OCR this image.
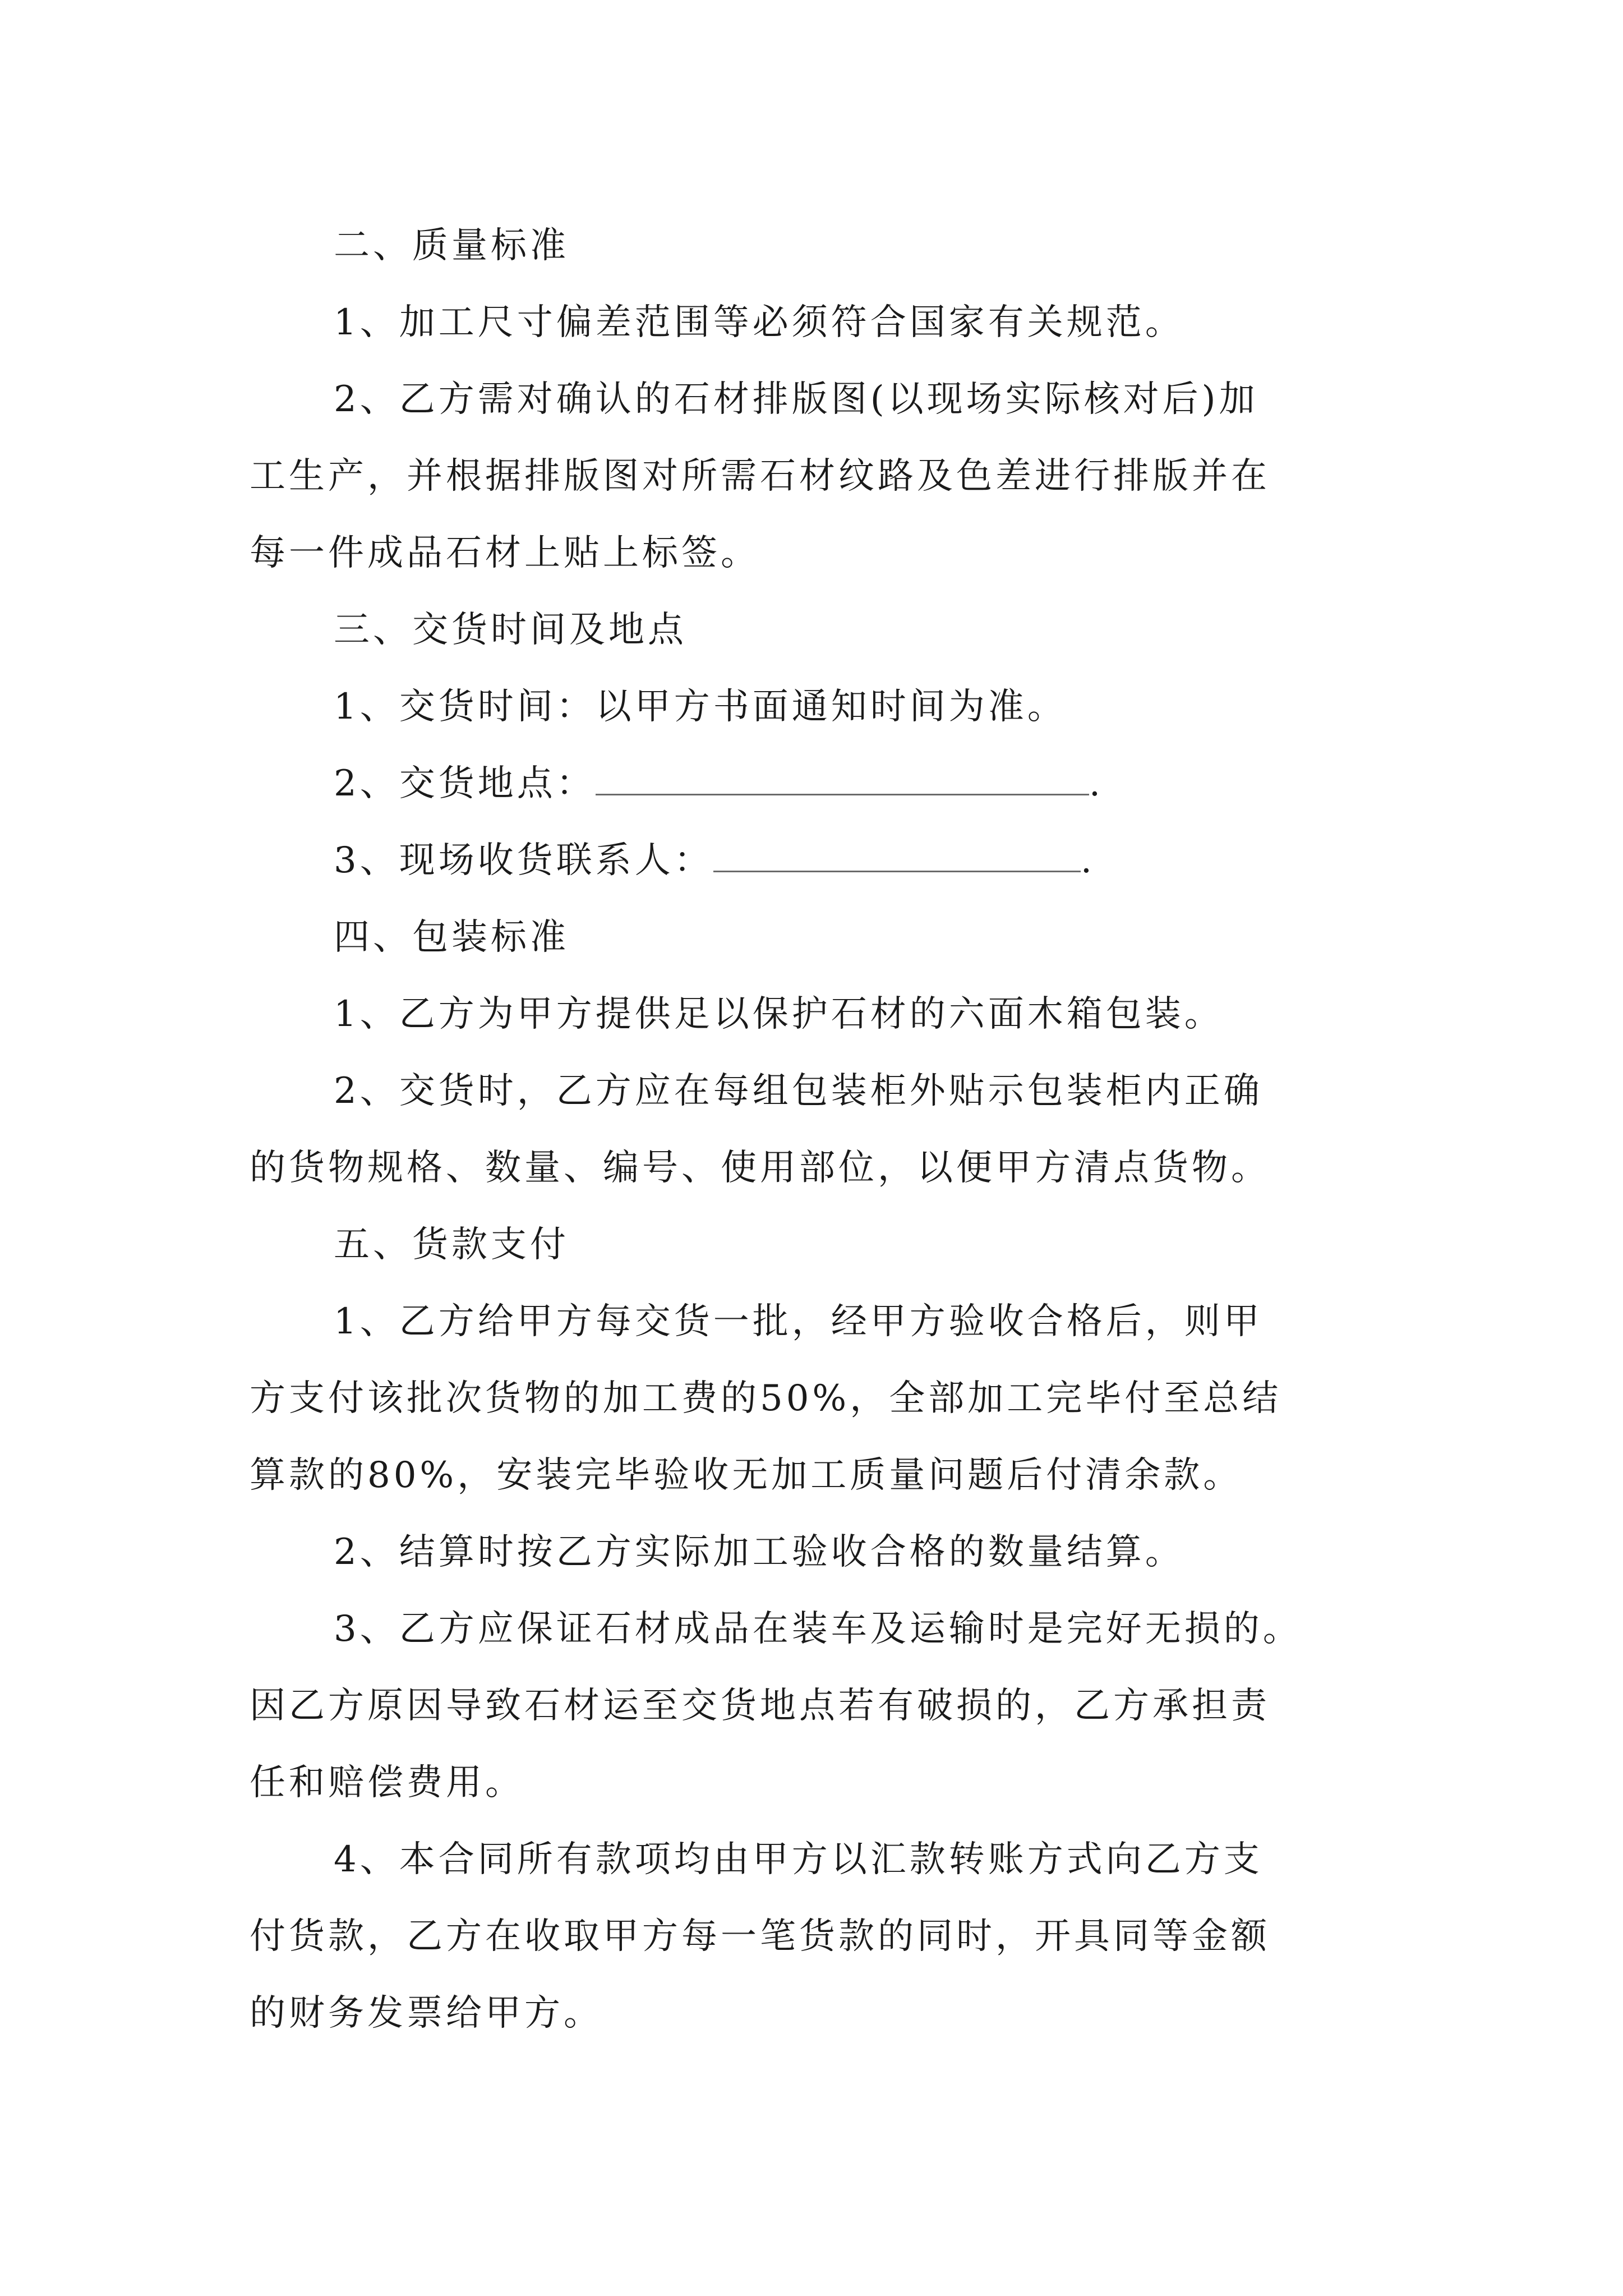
二、质量标准
1、加工尺寸偏差范围等必须符合国家有关规范。
2、乙方需对确认的石材排版图(以现场实际核对后)加
工生产，并根据排版图对所需石材纹路及色差进行排版并在
每一件成品石材上贴上标签。
三、交货时间及地点
1、交货时间：以甲方书面通知时间为准。
2、交货地点：	.
3、现场收货联系人：	.
四、包装标准
1、乙方为甲方提供足以保护石材的六面木箱包装。
2、交货时，乙方应在每组包装柜外贴示包装柜内正确
的货物规格、数量、编号、使用部位，以便甲方清点货物。
五、货款支付
1、乙方给甲方每交货一批，经甲方验收合格后，则甲
方支付该批次货物的加工费的50%，全部加工完毕付至总结
算款的80%，安装完毕验收无加工质量问题后付清余款。
2、结算时按乙方实际加工验收合格的数量结算。
3、乙方应保证石材成品在装车及运输时是完好无损的。
因乙方原因导致石材运至交货地点若有破损的，乙方承担责
任和赔偿费用。
4、本合同所有款项均由甲方以汇款转账方式向乙方支
付货款，乙方在收取甲方每一笔货款的同时，开具同等金额
的财务发票给甲方。
